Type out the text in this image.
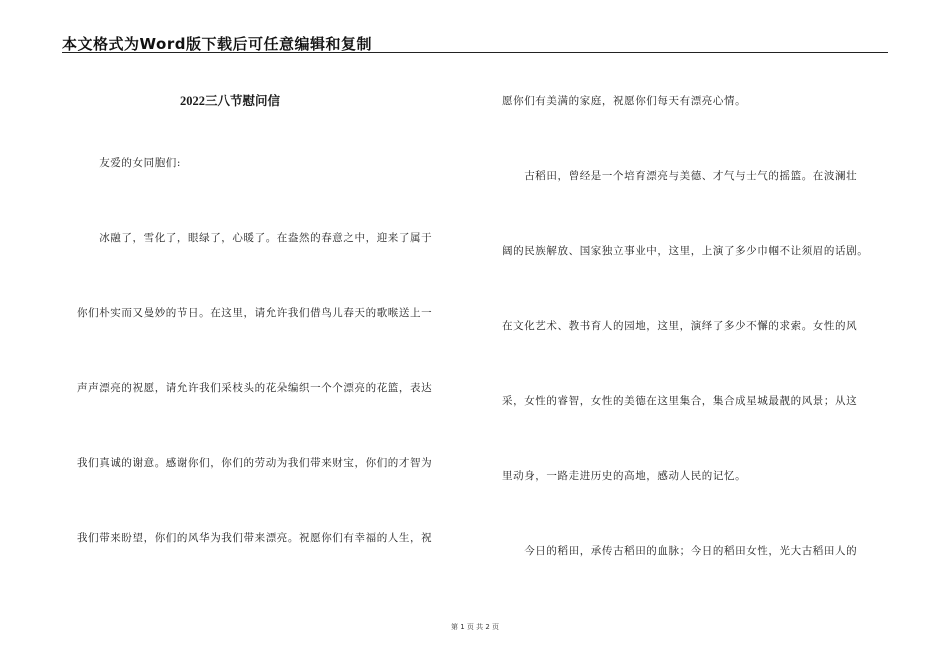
本文格式为Word版下载后可任意编辑和复制
2022三八节慰问信
　　友爱的女同胞们:
　　冰融了，雪化了，眼绿了，心暖了。在盎然的春意之中，迎来了属于
你们朴实而又曼妙的节日。在这里，请允许我们借鸟儿春天的歌喉送上一
声声漂亮的祝愿，请允许我们采枝头的花朵编织一个个漂亮的花篮，表达
我们真诚的谢意。感谢你们，你们的劳动为我们带来财宝，你们的才智为
我们带来盼望，你们的风华为我们带来漂亮。祝愿你们有幸福的人生，祝
愿你们有美满的家庭，祝愿你们每天有漂亮心情。
　　古稻田，曾经是一个培育漂亮与美德、才气与士气的摇篮。在波澜壮
阔的民族解放、国家独立事业中，这里，上演了多少巾帼不让须眉的话剧。
在文化艺术、教书育人的园地，这里，演绎了多少不懈的求索。女性的风
采，女性的睿智，女性的美德在这里集合，集合成星城最靓的风景；从这
里动身，一路走进历史的高地，感动人民的记忆。
　　今日的稻田，承传古稻田的血脉；今日的稻田女性，光大古稻田人的
第 1 页 共 2 页
